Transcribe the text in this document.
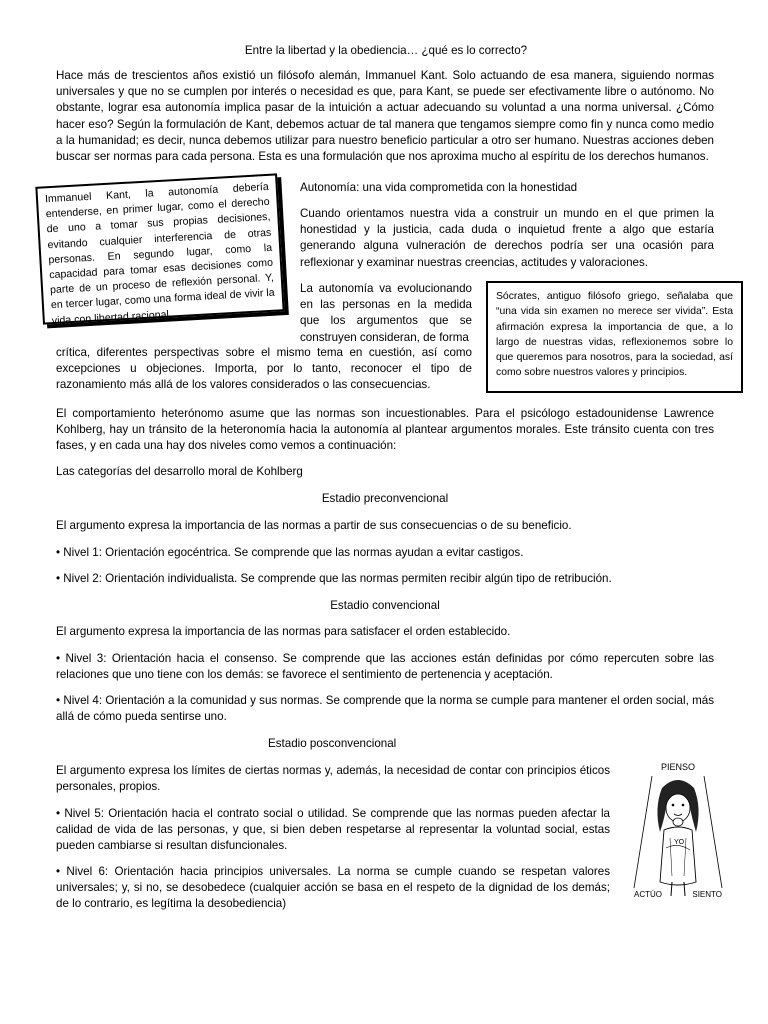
Entre la libertad y la obediencia… ¿qué es lo correcto?

Hace más de trescientos años existió un filósofo alemán, Immanuel Kant. Solo actuando de esa manera, siguiendo normas universales y que no se cumplen por interés o necesidad es que, para Kant, se puede ser efectivamente libre o autónomo. No obstante, lograr esa autonomía implica pasar de la intuición a actuar adecuando su voluntad a una norma universal. ¿Cómo hacer eso? Según la formulación de Kant, debemos actuar de tal manera que tengamos siempre como fin y nunca como medio a la humanidad; es decir, nunca debemos utilizar para nuestro beneficio particular a otro ser humano. Nuestras acciones deben buscar ser normas para cada persona. Esta es una formulación que nos aproxima mucho al espíritu de los derechos humanos.

Immanuel Kant, la autonomía debería entenderse, en primer lugar, como el derecho de uno a tomar sus propias decisiones, evitando cualquier interferencia de otras personas. En segundo lugar, como la capacidad para tomar esas decisiones como parte de un proceso de reflexión personal. Y, en tercer lugar, como una forma ideal de vivir la vida con libertad racional.

Autonomía: una vida comprometida con la honestidad

Cuando orientamos nuestra vida a construir un mundo en el que primen la honestidad y la justicia, cada duda o inquietud frente a algo que estaría generando alguna vulneración de derechos podría ser una ocasión para reflexionar y examinar nuestras creencias, actitudes y valoraciones.

La autonomía va evolucionando en las personas en la medida que los argumentos que se construyen consideran, de forma

crítica, diferentes perspectivas sobre el mismo tema en cuestión, así como excepciones u objeciones. Importa, por lo tanto, reconocer el tipo de razonamiento más allá de los valores considerados o las consecuencias.

Sócrates, antiguo filósofo griego, señalaba que “una vida sin examen no merece ser vivida”. Esta afirmación expresa la importancia de que, a lo largo de nuestras vidas, reflexionemos sobre lo que queremos para nosotros, para la sociedad, así como sobre nuestros valores y principios.

El comportamiento heterónomo asume que las normas son incuestionables. Para el psicólogo estadounidense Lawrence Kohlberg, hay un tránsito de la heteronomía hacia la autonomía al plantear argumentos morales. Este tránsito cuenta con tres fases, y en cada una hay dos niveles como vemos a continuación:

Las categorías del desarrollo moral de Kohlberg

Estadio preconvencional

El argumento expresa la importancia de las normas a partir de sus consecuencias o de su beneficio.

• Nivel 1: Orientación egocéntrica. Se comprende que las normas ayudan a evitar castigos.

• Nivel 2: Orientación individualista. Se comprende que las normas permiten recibir algún tipo de retribución.

Estadio convencional

El argumento expresa la importancia de las normas para satisfacer el orden establecido.

• Nivel 3: Orientación hacia el consenso. Se comprende que las acciones están definidas por cómo repercuten sobre las relaciones que uno tiene con los demás: se favorece el sentimiento de pertenencia y aceptación.

• Nivel 4: Orientación a la comunidad y sus normas. Se comprende que la norma se cumple para mantener el orden social, más allá de cómo pueda sentirse uno.

Estadio posconvencional

El argumento expresa los límites de ciertas normas y, además, la necesidad de contar con principios éticos personales, propios.

• Nivel 5: Orientación hacia el contrato social o utilidad. Se comprende que las normas pueden afectar la calidad de vida de las personas, y que, si bien deben respetarse al representar la voluntad social, estas pueden cambiarse si resultan disfuncionales.

• Nivel 6: Orientación hacia principios universales. La norma se cumple cuando se respetan valores universales; y, si no, se desobedece (cualquier acción se basa en el respeto de la dignidad de los demás; de lo contrario, es legítima la desobediencia)

PIENSO
YO
ACTÚO	SIENTO
